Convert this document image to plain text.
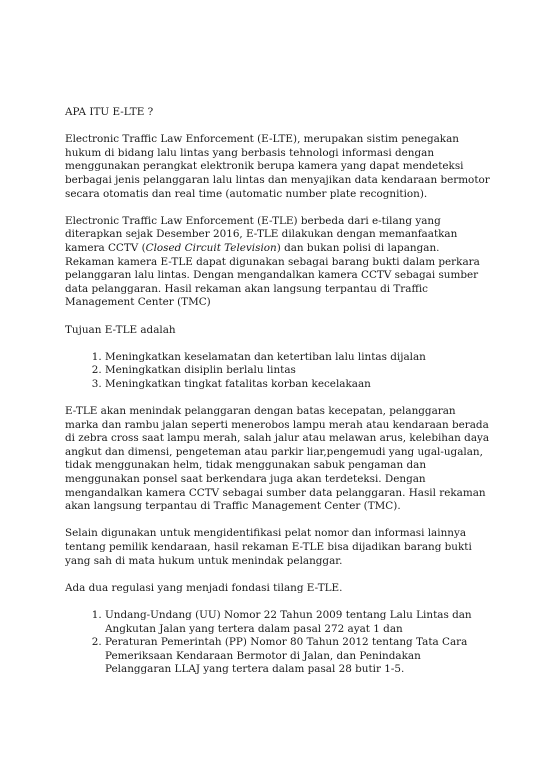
APA ITU E-LTE ?

Electronic Traffic Law Enforcement (E-LTE), merupakan sistim penegakan hukum di bidang lalu lintas yang berbasis tehnologi informasi dengan menggunakan perangkat elektronik berupa kamera yang dapat mendeteksi berbagai jenis pelanggaran lalu lintas dan menyajikan data kendaraan bermotor secara otomatis dan real time (automatic number plate recognition).

Electronic Traffic Law Enforcement (E-TLE) berbeda dari e-tilang yang diterapkan sejak Desember 2016, E-TLE dilakukan dengan memanfaatkan kamera CCTV (Closed Circuit Television) dan bukan polisi di lapangan. Rekaman kamera E-TLE dapat digunakan sebagai barang bukti dalam perkara pelanggaran lalu lintas. Dengan mengandalkan kamera CCTV sebagai sumber data pelanggaran. Hasil rekaman akan langsung terpantau di Traffic Management Center (TMC)

Tujuan E-TLE adalah

1. Meningkatkan keselamatan dan ketertiban lalu lintas dijalan
2. Meningkatkan disiplin berlalu lintas
3. Meningkatkan tingkat fatalitas korban kecelakaan

E-TLE akan menindak pelanggaran dengan batas kecepatan, pelanggaran marka dan rambu jalan seperti menerobos lampu merah atau kendaraan berada di zebra cross saat lampu merah, salah jalur atau melawan arus, kelebihan daya angkut dan dimensi, pengeteman atau parkir liar,pengemudi yang ugal-ugalan, tidak menggunakan helm, tidak menggunakan sabuk pengaman dan menggunakan ponsel saat berkendara juga akan terdeteksi. Dengan mengandalkan kamera CCTV sebagai sumber data pelanggaran. Hasil rekaman akan langsung terpantau di Traffic Management Center (TMC).

Selain digunakan untuk mengidentifikasi pelat nomor dan informasi lainnya tentang pemilik kendaraan, hasil rekaman E-TLE bisa dijadikan barang bukti yang sah di mata hukum untuk menindak pelanggar.

Ada dua regulasi yang menjadi fondasi tilang E-TLE.

1. Undang-Undang (UU) Nomor 22 Tahun 2009 tentang Lalu Lintas dan Angkutan Jalan yang tertera dalam pasal 272 ayat 1 dan
2. Peraturan Pemerintah (PP) Nomor 80 Tahun 2012 tentang Tata Cara Pemeriksaan Kendaraan Bermotor di Jalan, dan Penindakan Pelanggaran LLAJ yang tertera dalam pasal 28 butir 1-5.
